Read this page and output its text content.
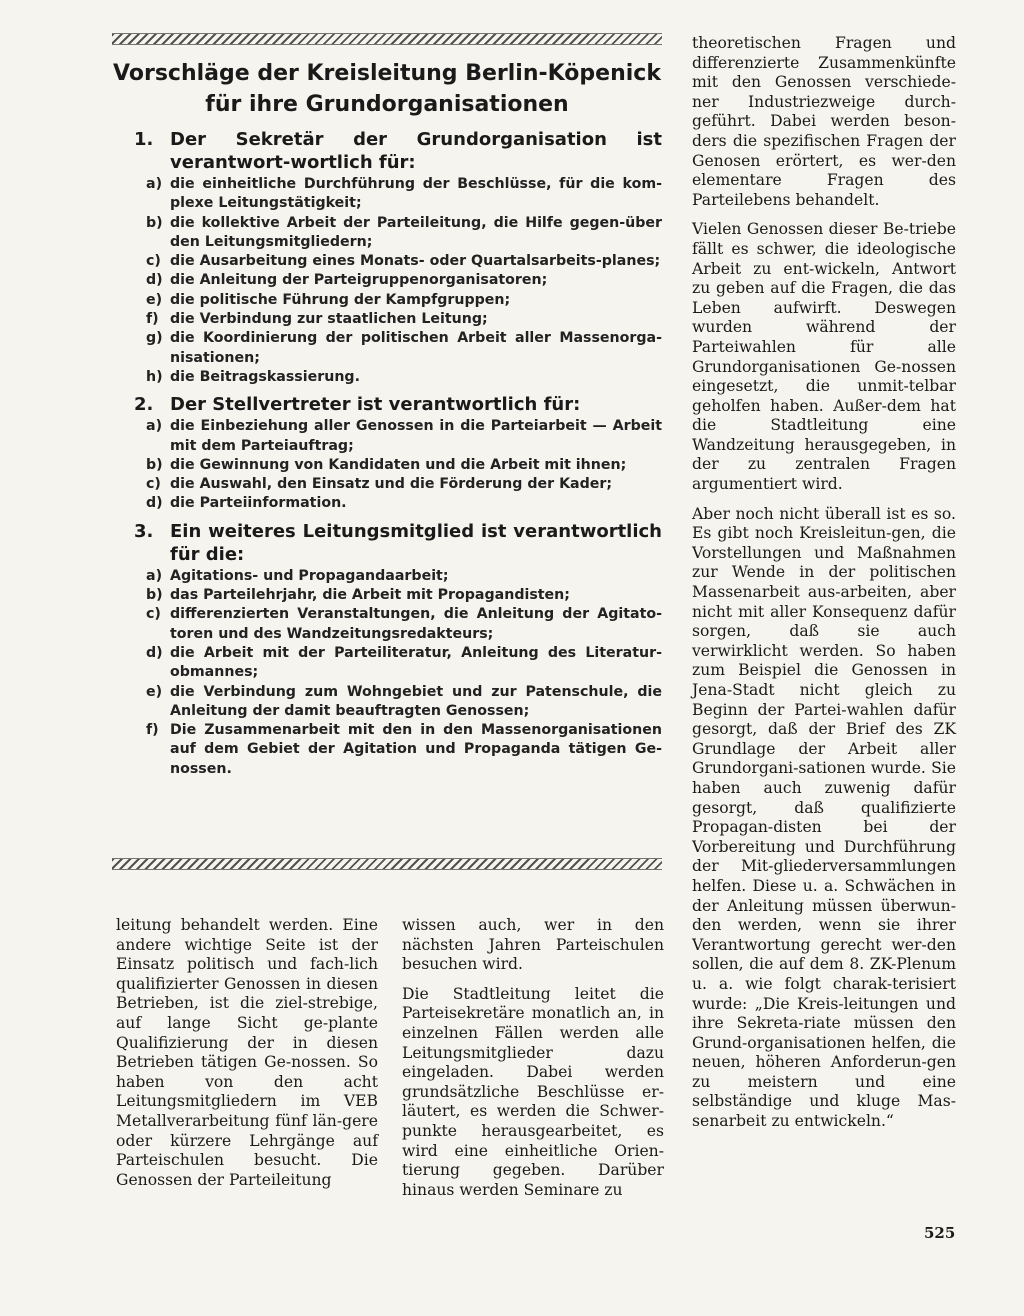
Vorschläge der Kreisleitung Berlin-Köpenick
für ihre Grundorganisationen
1. Der Sekretär der Grundorganisation ist verantwort-wortlich für:
a) die einheitliche Durchführung der Beschlüsse, für die kom-plexe Leitungstätigkeit;
b) die kollektive Arbeit der Parteileitung, die Hilfe gegen-über den Leitungsmitgliedern;
c) die Ausarbeitung eines Monats- oder Quartalsarbeits-planes;
d) die Anleitung der Parteigruppenorganisatoren;
e) die politische Führung der Kampfgruppen;
f) die Verbindung zur staatlichen Leitung;
g) die Koordinierung der politischen Arbeit aller Massenorga-nisationen;
h) die Beitragskassierung.
2. Der Stellvertreter ist verantwortlich für:
a) die Einbeziehung aller Genossen in die Parteiarbeit — Arbeit mit dem Parteiauftrag;
b) die Gewinnung von Kandidaten und die Arbeit mit ihnen;
c) die Auswahl, den Einsatz und die Förderung der Kader;
d) die Parteiinformation.
3. Ein weiteres Leitungsmitglied ist verantwortlich für die:
a) Agitations- und Propagandaarbeit;
b) das Parteilehrjahr, die Arbeit mit Propagandisten;
c) differenzierten Veranstaltungen, die Anleitung der Agitato-toren und des Wandzeitungsredakteurs;
d) die Arbeit mit der Parteiliteratur, Anleitung des Literatur-obmannes;
e) die Verbindung zum Wohngebiet und zur Patenschule, die Anleitung der damit beauftragten Genossen;
f) Die Zusammenarbeit mit den in den Massenorganisationen auf dem Gebiet der Agitation und Propaganda tätigen Ge-nossen.

theoretischen Fragen und differenzierte Zusammenkünfte mit den Genossen verschiede-ner Industriezweige durch-geführt. Dabei werden beson-ders die spezifischen Fragen der Genosen erörtert, es wer-den elementare Fragen des Parteilebens behandelt.

Vielen Genossen dieser Be-triebe fällt es schwer, die ideologische Arbeit zu ent-wickeln, Antwort zu geben auf die Fragen, die das Leben aufwirft. Deswegen wurden während der Parteiwahlen für alle Grundorganisationen Ge-nossen eingesetzt, die unmit-telbar geholfen haben. Außer-dem hat die Stadtleitung eine Wandzeitung herausgegeben, in der zu zentralen Fragen argumentiert wird.

Aber noch nicht überall ist es so. Es gibt noch Kreisleitun-gen, die Vorstellungen und Maßnahmen zur Wende in der politischen Massenarbeit aus-arbeiten, aber nicht mit aller Konsequenz dafür sorgen, daß sie auch verwirklicht werden. So haben zum Beispiel die Genossen in Jena-Stadt nicht gleich zu Beginn der Partei-wahlen dafür gesorgt, daß der Brief des ZK Grundlage der Arbeit aller Grundorgani-sationen wurde. Sie haben auch zuwenig dafür gesorgt, daß qualifizierte Propagan-disten bei der Vorbereitung und Durchführung der Mit-gliederversammlungen helfen. Diese u. a. Schwächen in der Anleitung müssen überwun-den werden, wenn sie ihrer Verantwortung gerecht wer-den sollen, die auf dem 8. ZK-Plenum u. a. wie folgt charak-terisiert wurde: „Die Kreis-leitungen und ihre Sekreta-riate müssen den Grund-organisationen helfen, die neuen, höheren Anforderun-gen zu meistern und eine selbständige und kluge Mas-senarbeit zu entwickeln.“

leitung behandelt werden. Eine andere wichtige Seite ist der Einsatz politisch und fach-lich qualifizierter Genossen in diesen Betrieben, ist die ziel-strebige, auf lange Sicht ge-plante Qualifizierung der in diesen Betrieben tätigen Ge-nossen. So haben von den acht Leitungsmitgliedern im VEB Metallverarbeitung fünf län-gere oder kürzere Lehrgänge auf Parteischulen besucht. Die Genossen der Parteileitung

wissen auch, wer in den nächsten Jahren Parteischulen besuchen wird.

Die Stadtleitung leitet die Parteisekretäre monatlich an, in einzelnen Fällen werden alle Leitungsmitglieder dazu eingeladen. Dabei werden grundsätzliche Beschlüsse er-läutert, es werden die Schwer-punkte herausgearbeitet, es wird eine einheitliche Orien-tierung gegeben. Darüber hinaus werden Seminare zu

525
